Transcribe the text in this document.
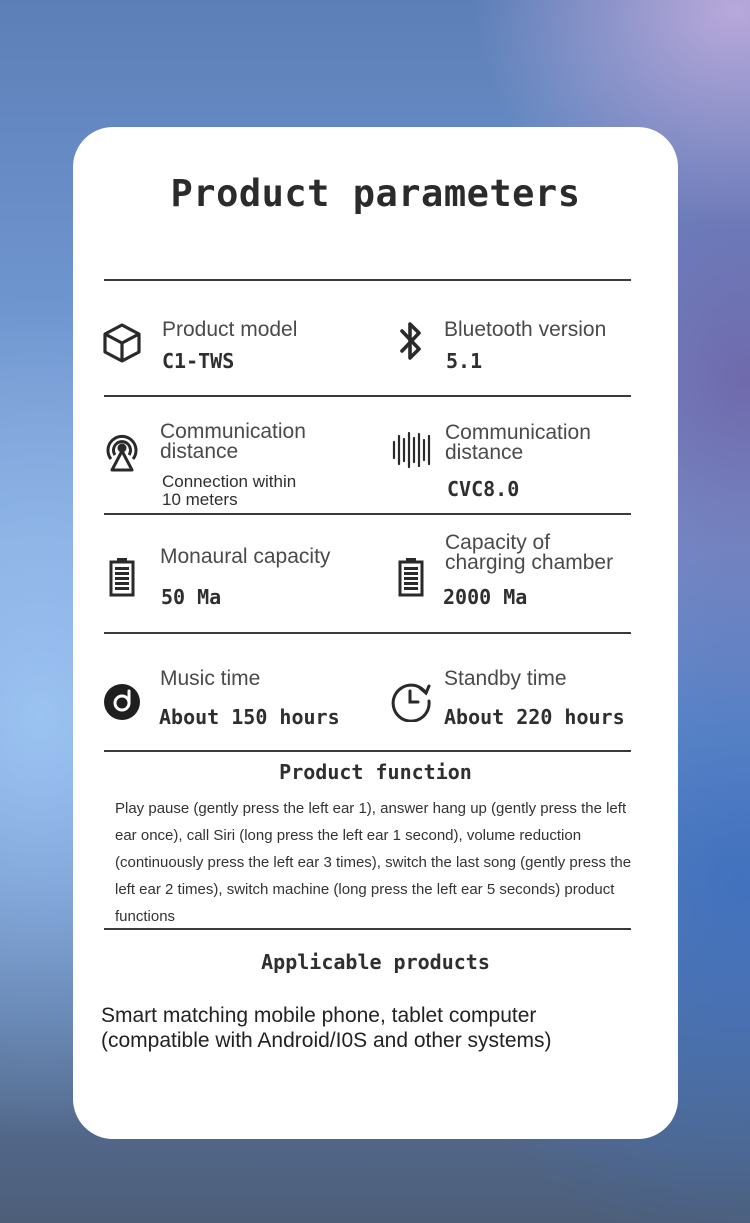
Product parameters

Product model

C1-TWS

Bluetooth version

5.1

Communication
distance

Connection within
10 meters

Communication
distance

CVC8.0

Monaural capacity

50 Ma

Capacity of
charging chamber

2000 Ma

Music time

About 150 hours

Standby time

About 220 hours

Product function

Play pause (gently press the left ear 1), answer hang up (gently press the left ear once), call Siri (long press the left ear 1 second), volume reduction (continuously press the left ear 3 times), switch the last song (gently press the left ear 2 times), switch machine (long press the left ear 5 seconds) product functions

Applicable products

Smart matching mobile phone, tablet computer
(compatible with Android/I0S and other systems)
